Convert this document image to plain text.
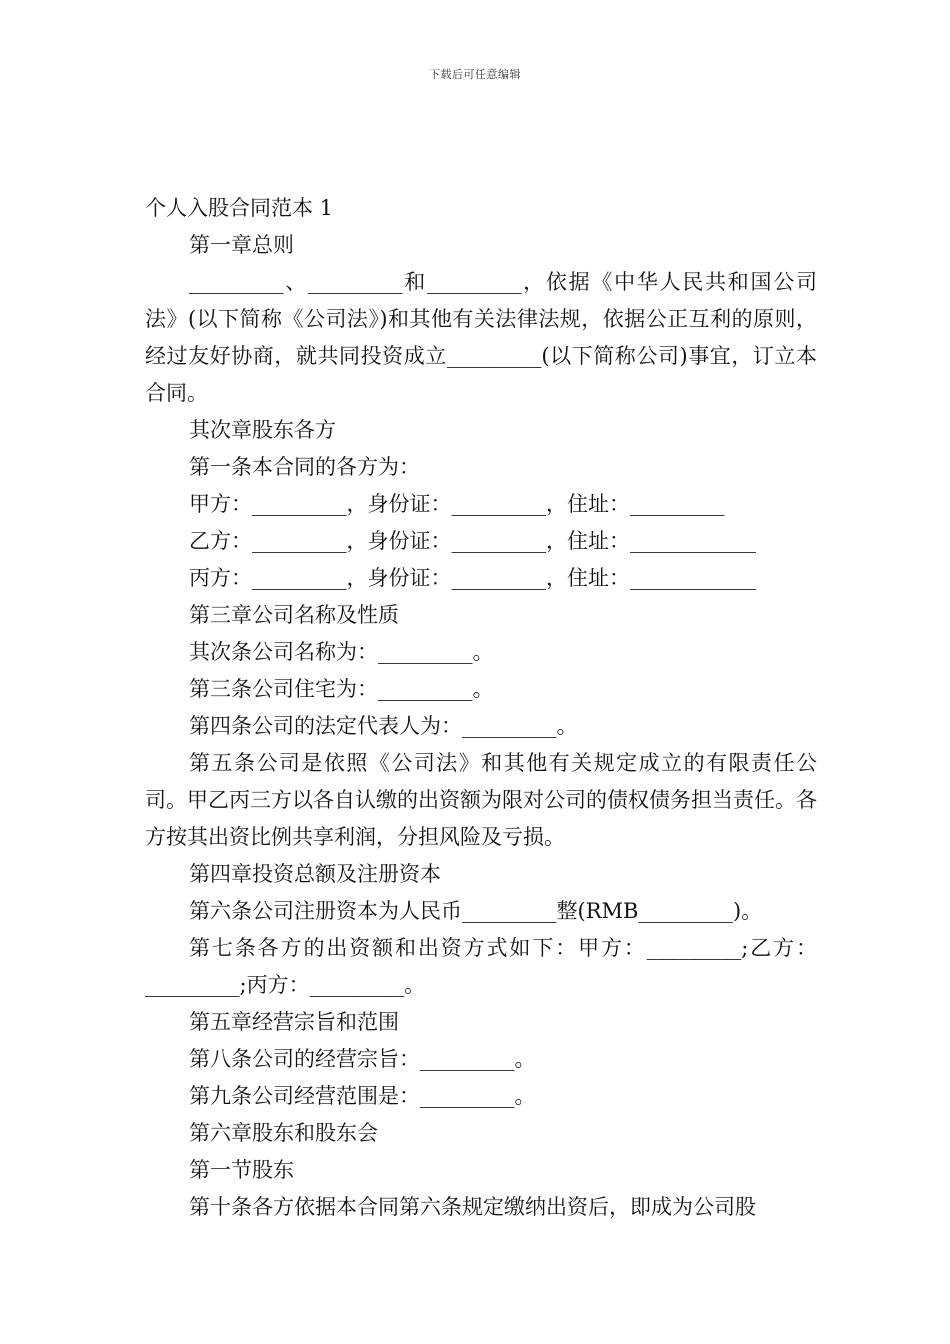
下载后可任意编辑
个人入股合同范本 1
第一章总则
_________、_________和_________，依据《中华人民共和国公司法》(以下简称《公司法》)和其他有关法律法规，依据公正互利的原则，经过友好协商，就共同投资成立_________(以下简称公司)事宜，订立本合同。
其次章股东各方
第一条本合同的各方为：
甲方：_________，身份证：_________，住址：_________
乙方：_________，身份证：_________，住址：____________
丙方：_________，身份证：_________，住址：____________
第三章公司名称及性质
其次条公司名称为：_________。
第三条公司住宅为：_________。
第四条公司的法定代表人为：_________。
第五条公司是依照《公司法》和其他有关规定成立的有限责任公司。甲乙丙三方以各自认缴的出资额为限对公司的债权债务担当责任。各方按其出资比例共享利润，分担风险及亏损。
第四章投资总额及注册资本
第六条公司注册资本为人民币_________整(RMB_________)。
第七条各方的出资额和出资方式如下：甲方：_________;乙方：_________;丙方：_________。
第五章经营宗旨和范围
第八条公司的经营宗旨：_________。
第九条公司经营范围是：_________。
第六章股东和股东会
第一节股东
第十条各方依据本合同第六条规定缴纳出资后，即成为公司股
